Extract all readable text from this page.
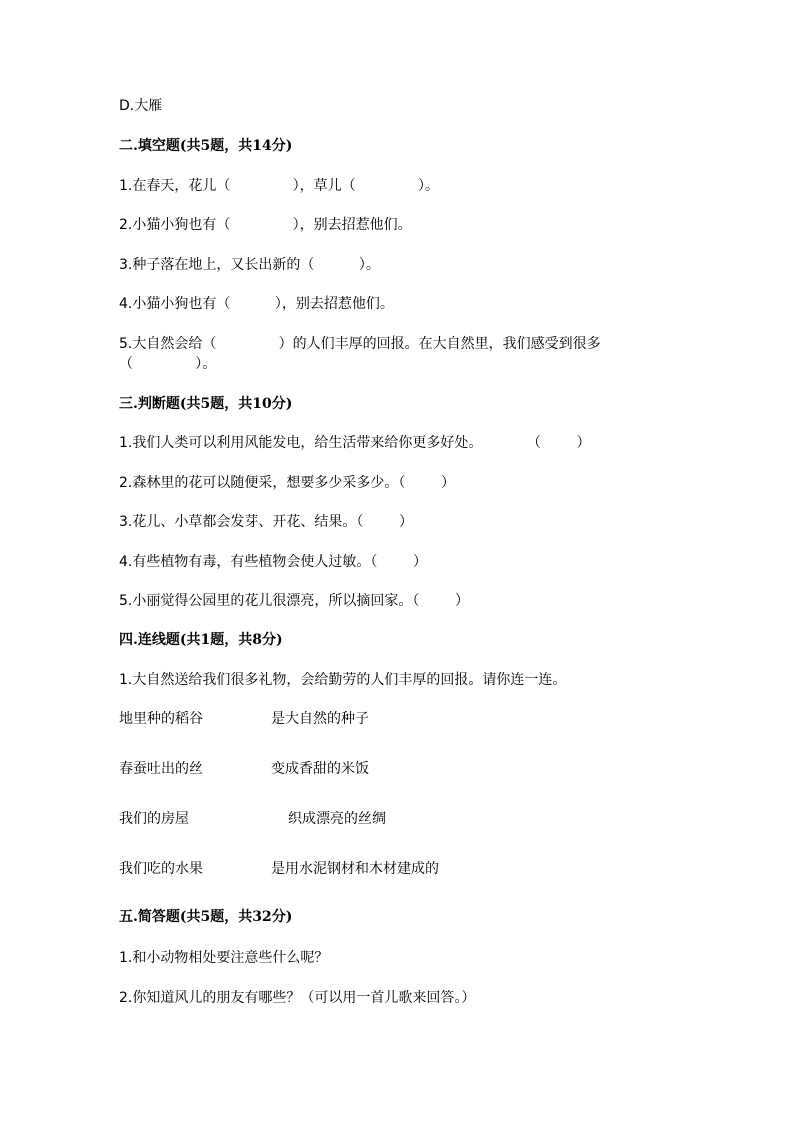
D.大雁
二.填空题(共5题，共14分)
1.在春天，花儿（              ），草儿（              ）。
2.小猫小狗也有（              ），别去招惹他们。
3.种子落在地上，又长出新的（          ）。
4.小猫小狗也有（          ），别去招惹他们。
5.大自然会给（              ）的人们丰厚的回报。在大自然里，我们感受到很多
（              ）。
三.判断题(共5题，共10分)
1.我们人类可以利用风能发电，给生活带来给你更多好处。          （        ）
2.森林里的花可以随便采，想要多少采多少。（        ）
3.花儿、小草都会发芽、开花、结果。（        ）
4.有些植物有毒，有些植物会使人过敏。（        ）
5.小丽觉得公园里的花儿很漂亮，所以摘回家。（        ）
四.连线题(共1题，共8分)
1.大自然送给我们很多礼物，会给勤劳的人们丰厚的回报。请你连一连。
地里种的稻谷	是大自然的种子
春蚕吐出的丝	变成香甜的米饭
我们的房屋	织成漂亮的丝绸
我们吃的水果	是用水泥钢材和木材建成的
五.简答题(共5题，共32分)
1.和小动物相处要注意些什么呢？
2.你知道风儿的朋友有哪些？（可以用一首儿歌来回答。）
